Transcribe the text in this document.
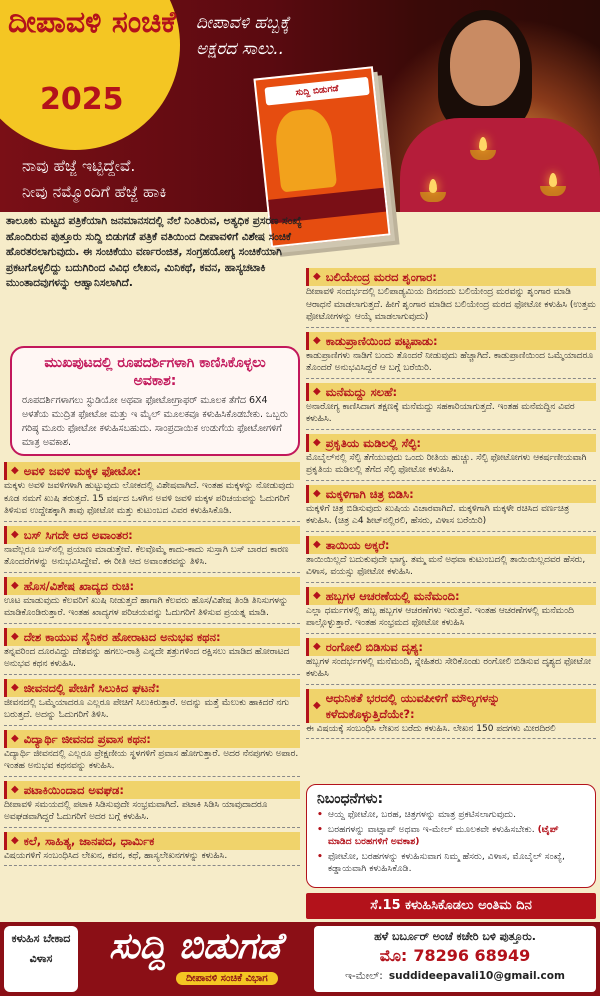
ದೀಪಾವಳಿ ಸಂಚಿಕೆ
2025
ದೀಪಾವಳಿ ಹಬ್ಬಕ್ಕೆ ಅಕ್ಷರದ ಸಾಲು..
ನಾವು ಹೆಜ್ಜೆ ಇಟ್ಟಿದ್ದೇವೆ.
ನೀವು ನಮ್ಮೊಂದಿಗೆ ಹೆಜ್ಜೆ ಹಾಕಿ
ಸುದ್ದಿ ಬಿಡುಗಡೆ
ತಾಲೂಕು ಮಟ್ಟದ ಪತ್ರಿಕೆಯಾಗಿ ಜನಮಾನಸದಲ್ಲಿ ನೆಲೆ ನಿಂತಿರುವ, ಅತ್ಯಧಿಕ ಪ್ರಸರಣ ಸಂಖ್ಯೆ ಹೊಂದಿರುವ ಪುತ್ತೂರು ಸುದ್ದಿ ಬಿಡುಗಡೆ ಪತ್ರಿಕೆ ವತಿಯಿಂದ ದೀಪಾವಳಿಗೆ ವಿಶೇಷ ಸಂಚಿಕೆ ಹೊರತರಲಾಗುವುದು. ಈ ಸಂಚಿಕೆಯು ವರ್ಣರಂಜಿತ, ಸಂಗ್ರಹಯೋಗ್ಯ ಸಂಚಿಕೆಯಾಗಿ ಪ್ರಕಟಗೊಳ್ಳಲಿದ್ದು ಬದುಗಿರಿಂದ ವಿವಿಧ ಲೇಖನ, ಮಿನಿಕಥೆ, ಕವನ, ಹಾಸ್ಯಚಟಾಕಿ ಮುಂತಾದವುಗಳನ್ನು ಆಹ್ವಾನಿಸಲಾಗಿದೆ.
ಮುಖಪುಟದಲ್ಲಿ ರೂಪದರ್ಶಿಗಳಾಗಿ ಕಾಣಿಸಿಕೊಳ್ಳಲು ಅವಕಾಶ:
ರೂಪದರ್ಶಿಗಳಾಗಲು ಸ್ಟುಡಿಯೋ ಅಥವಾ ಫೋಟೋಗ್ರಾಫರ್ ಮೂಲಕ ತೆಗೆದ 6X4 ಅಳತೆಯ ಮುದ್ರಿತ ಫೋಟೋ ಮತ್ತು ಇ ಮೈಲ್ ಮೂಲಕವೂ ಕಳುಹಿಸಿಕೊಡಬೇಕು. ಒಬ್ಬರು ಗರಿಷ್ಠ ಮೂರು ಫೋಟೋ ಕಳುಹಿಸಬಹುದು. ಸಾಂಪ್ರದಾಯಿಕ ಉಡುಗೆಯ ಫೋಟೋಗಳಿಗೆ ಮಾತ್ರ ಅವಕಾಶ.
◆ ಅವಳಿ ಜವಳಿ ಮಕ್ಕಳ ಫೋಟೋ:
ಮಕ್ಕಳು ಅವಳಿ ಜವಳಿಗಳಾಗಿ ಹುಟ್ಟುವುದು ಲೋಕದಲ್ಲಿ ವಿಶೇಷವಾಗಿದೆ. ಇಂತಹ ಮಕ್ಕಳನ್ನು ನೋಡುವುದು ಕೂಡ ನಮಗೆ ಖುಷಿ ತರುತ್ತದೆ. 15 ವರ್ಷದ ಒಳಗಿನ ಅವಳಿ ಜವಳಿ ಮಕ್ಕಳ ಪರಿಚಯವನ್ನು ಓದುಗರಿಗೆ ತಿಳಿಸುವ ಉದ್ದೇಶಕ್ಕಾಗಿ ತಾವು ಫೋಟೋ ಮತ್ತು ಕುಟುಂಬದ ವಿವರ ಕಳುಹಿಸಿಕೊಡಿ.
◆ ಬಸ್ ಸಿಗದೇ ಆದ ಅವಾಂತರ:
ನಾವೆಲ್ಲರೂ ಬಸ್‌ನಲ್ಲಿ ಪ್ರಯಾಣ ಮಾಡುತ್ತೇವೆ. ಕೆಲವೊಮ್ಮೆ ಕಾದು-ಕಾದು ಸುಸ್ತಾಗಿ ಬಸ್ ಬಾರದ ಕಾರಣ ತೊಂದರೆಗಳನ್ನು ಅನುಭವಿಸಿದ್ದೇವೆ. ಈ ರೀತಿ ಆದ ಅವಾಂತರವನ್ನು ತಿಳಿಸಿ.
◆ ಹೊಸ/ವಿಶೇಷ ಖಾದ್ಯದ ರುಚಿ:
ಊಟ ಮಾಡುವುದು ಕೆಲವರಿಗೆ ಖುಷಿ ನೀಡುತ್ತದೆ ಹಾಗಾಗಿ ಕೆಲವರು ಹೊಸ/ವಿಶೇಷ ತಿಂಡಿ ತಿನಿಸುಗಳನ್ನು ಮಾಡಿಕೊಂಡಿರುತ್ತಾರೆ. ಇಂತಹ ಖಾದ್ಯಗಳ ಪರಿಚಯವನ್ನು ಓದುಗರಿಗೆ ತಿಳಿಸುವ ಪ್ರಯತ್ನ ಮಾಡಿ.
◆ ದೇಶ ಕಾಯುವ ಸೈನಿಕರ ಹೋರಾಟದ ಅನುಭವ ಕಥನ:
ತನ್ನವರಿಂದ ದೂರವಿದ್ದು ದೇಶವನ್ನು ಹಗಲು-ರಾತ್ರಿ ಎನ್ನದೇ ಶತ್ರುಗಳಿಂದ ರಕ್ಷಿಸಲು ಮಾಡಿದ ಹೋರಾಟದ ಅನುಭವ ಕಥನ ಕಳುಹಿಸಿ.
◆ ಜೀವನದಲ್ಲಿ ಪೇಚಿಗೆ ಸಿಲುಕಿದ ಘಟನೆ:
ಜೀವನದಲ್ಲಿ ಒಮ್ಮೆಯಾದರೂ ಎಲ್ಲರೂ ಪೇಚಿಗೆ ಸಿಲುಕಿರುತ್ತಾರೆ. ಅದನ್ನು ಮತ್ತೆ ಮೆಲುಕು ಹಾಕಿದರೆ ನಗು ಬರುತ್ತದೆ. ಅದನ್ನು ಓದುಗರಿಗೆ ತಿಳಿಸಿ.
◆ ವಿದ್ಯಾರ್ಥಿ ಜೀವನದ ಪ್ರವಾಸ ಕಥನ:
ವಿದ್ಯಾರ್ಥಿ ಜೀವನದಲ್ಲಿ ಎಲ್ಲರೂ ಪ್ರೇಕ್ಷಣೀಯ ಸ್ಥಳಗಳಿಗೆ ಪ್ರವಾಸ ಹೋಗುತ್ತಾರೆ. ಅದರ ನೆನಪುಗಳು ಅಪಾರ. ಇಂತಹ ಅನುಭವ ಕಥನವನ್ನು ಕಳುಹಿಸಿ.
◆ ಪಟಾಕಿಯಿಂದಾದ ಅವಘಡ:
ದೀಪಾವಳಿ ಸಮಯದಲ್ಲಿ ಪಟಾಕಿ ಸಿಡಿಸುವುದೇ ಸಂಭ್ರಮವಾಗಿದೆ. ಪಟಾಕಿ ಸಿಡಿಸಿ ಯಾವುದಾದರೂ ಅವಘಡವಾಗಿದ್ದರೆ ಓದುಗರಿಗೆ ಅದರ ಬಗ್ಗೆ ಕಳುಹಿಸಿ.
◆ ಕಲೆ, ಸಾಹಿತ್ಯ, ಜಾನಪದ, ಧಾರ್ಮಿಕ
ವಿಷಯಗಳಿಗೆ ಸಂಬಂಧಿಸಿದ ಲೇಖನ, ಕವನ, ಕಥೆ, ಹಾಸ್ಯಲೇಖನಗಳನ್ನು ಕಳುಹಿಸಿ.
◆ ಬಲಿಯೇಂದ್ರ ಮರದ ಶೃಂಗಾರ:
ದೀಪಾವಳಿ ಸಂದರ್ಭದಲ್ಲಿ ಬಲಿಪಾಡ್ಯಮಿಯ ದಿನದಂದು ಬಲಿಯೇಂದ್ರ ಮರವನ್ನು ಶೃಂಗಾರ ಮಾಡಿ ಆರಾಧನೆ ಮಾಡಲಾಗುತ್ತದೆ. ಹೀಗೆ ಶೃಂಗಾರ ಮಾಡಿದ ಬಲಿಯೇಂದ್ರ ಮರದ ಫೋಟೋ ಕಳುಹಿಸಿ (ಉತ್ತಮ ಫೋಟೋಗಳನ್ನು ಆಯ್ಕೆ ಮಾಡಲಾಗುವುದು)
◆ ಕಾಡುಪ್ರಾಣಿಯಿಂದ ಪಟ್ಟಪಾಡು:
ಕಾಡುಪ್ರಾಣಿಗಳು ನಾಡಿಗೆ ಬಂದು ತೊಂದರೆ ನೀಡುವುದು ಹೆಚ್ಚಾಗಿದೆ. ಕಾಡುಪ್ರಾಣಿಯಿಂದ ಒಮ್ಮೆಯಾದರೂ ತೊಂದರೆ ಅನುಭವಿಸಿದ್ದರೆ ಆ ಬಗ್ಗೆ ಬರೆಯಿರಿ.
◆ ಮನೆಮದ್ದು ಸಲಹೆ:
ಅನಾರೋಗ್ಯ ಕಾಣಿಸಿದಾಗ ತಕ್ಷಣಕ್ಕೆ ಮನೆಮದ್ದು ಸಹಕಾರಿಯಾಗುತ್ತದೆ. ಇಂತಹ ಮನೆಮದ್ದಿನ ವಿವರ ಕಳುಹಿಸಿ.
◆ ಪ್ರಕೃತಿಯ ಮಡಿಲಲ್ಲಿ ಸೆಲ್ಫಿ:
ಮೊಬೈಲ್‌ನಲ್ಲಿ ಸೆಲ್ಫಿ ತೆಗೆಯುವುದು ಒಂದು ರೀತಿಯ ಹುಚ್ಚು. ಸೆಲ್ಫಿ ಫೋಟೋಗಳು ಆಕರ್ಷಣೀಯವಾಗಿ ಪ್ರಕೃತಿಯ ಮಡಿಲಲ್ಲಿ ತೆಗೆದ ಸೆಲ್ಫಿ ಫೋಟೋ ಕಳುಹಿಸಿ.
◆ ಮಕ್ಕಳಿಗಾಗಿ ಚಿತ್ರ ಬಿಡಿಸಿ:
ಮಕ್ಕಳಿಗೆ ಚಿತ್ರ ಬಿಡಿಸುವುದು ಖುಷಿಯ ವಿಚಾರವಾಗಿದೆ. ಮಕ್ಕಳಿಗಾಗಿ ಮಕ್ಕಳೇ ರಚಿಸಿದ ವರ್ಣಚಿತ್ರ ಕಳುಹಿಸಿ. (ಚಿತ್ರ ಎ4 ಶೀಟ್‌ನಲ್ಲಿರಲಿ, ಹೆಸರು, ವಿಳಾಸ ಬರೆಯಿರಿ)
◆ ತಾಯಿಯ ಅಕ್ಕರೆ:
ತಾಯಿಯಿಲ್ಲದೆ ಬದುಕುವುದೇ ಭಾಗ್ಯ. ತಮ್ಮ ಮನೆ ಅಥವಾ ಕುಟುಂಬದಲ್ಲಿ ತಾಯಿಯಿಲ್ಲದವರ ಹೆಸರು, ವಿಳಾಸ, ವಯಸ್ಸು ಫೋಟೋ ಕಳುಹಿಸಿ.
◆ ಹಬ್ಬಗಳ ಆಚರಣೆಯಲ್ಲಿ ಮನೆಮಂದಿ:
ಎಲ್ಲಾ ಧರ್ಮಗಳಲ್ಲಿ ಹಬ್ಬ ಹಬ್ಬಗಳ ಆಚರಣೆಗಳು ಇರುತ್ತವೆ. ಇಂತಹ ಆಚರಣೆಗಳಲ್ಲಿ ಮನೆಮಂದಿ ಪಾಲ್ಗೊಳ್ಳುತ್ತಾರೆ. ಇಂತಹ ಸಂಭ್ರಮದ ಫೋಟೋ ಕಳುಹಿಸಿ
◆ ರಂಗೋಲಿ ಬಿಡಿಸುವ ದೃಶ್ಯ:
ಹಬ್ಬಗಳ ಸಂದರ್ಭಗಳಲ್ಲಿ ಮನೆಮಂದಿ, ಸ್ನೇಹಿತರು ಸೇರಿಕೊಂಡು ರಂಗೋಲಿ ಬಿಡಿಸುವ ದೃಶ್ಯದ ಫೋಟೋ ಕಳುಹಿಸಿ
◆
ಆಧುನಿಕತೆ ಭರದಲ್ಲಿ ಯುವಪೀಳಿಗೆ ಮೌಲ್ಯಗಳನ್ನು ಕಳೆದುಕೊಳ್ಳುತ್ತಿದೆಯೇ?:
ಈ ವಿಷಯಕ್ಕೆ ಸಂಬಂಧಿಸಿ ಲೇಖನ ಬರೆದು ಕಳುಹಿಸಿ. ಲೇಖನ 150 ಪದಗಳು ಮೀರದಿರಲಿ
ನಿಬಂಧನೆಗಳು:
• ಆಯ್ದ ಫೋಟೋ, ಬರಹ, ಚಿತ್ರಗಳನ್ನು ಮಾತ್ರ ಪ್ರಕಟಿಸಲಾಗುವುದು.
• ಬರಹಗಳನ್ನು ವಾಟ್ಸಾಪ್ ಅಥವಾ ಇ-ಮೇಲ್ ಮೂಲಕವೇ ಕಳುಹಿಸಬೇಕು. (ಟೈಪ್ ಮಾಡಿದ ಬರಹಗಳಿಗೆ ಅವಕಾಶ)
• ಫೋಟೋ, ಬರಹಗಳನ್ನು ಕಳುಹಿಸುವಾಗ ನಿಮ್ಮ ಹೆಸರು, ವಿಳಾಸ, ಮೊಬೈಲ್ ಸಂಖ್ಯೆ, ಕಡ್ಡಾಯವಾಗಿ ಕಳುಹಿಸಿಕೊಡಿ.
ಸೆ.15 ಕಳುಹಿಸಿಕೊಡಲು ಅಂತಿಮ ದಿನ
ಕಳುಹಿಸ ಬೇಕಾದ ವಿಳಾಸ	ಸುದ್ದಿ ಬಿಡುಗಡೆ
ದೀಪಾವಳಿ ಸಂಚಿಕೆ ವಿಭಾಗ
ಹಳೆ ಬರ್ಬೂರ್ ಅಂಚೆ ಕಚೇರಿ ಬಳಿ ಪುತ್ತೂರು.
ಮೊ: 78296 68949
ಇ-ಮೇಲ್: suddideepavali10@gmail.com
